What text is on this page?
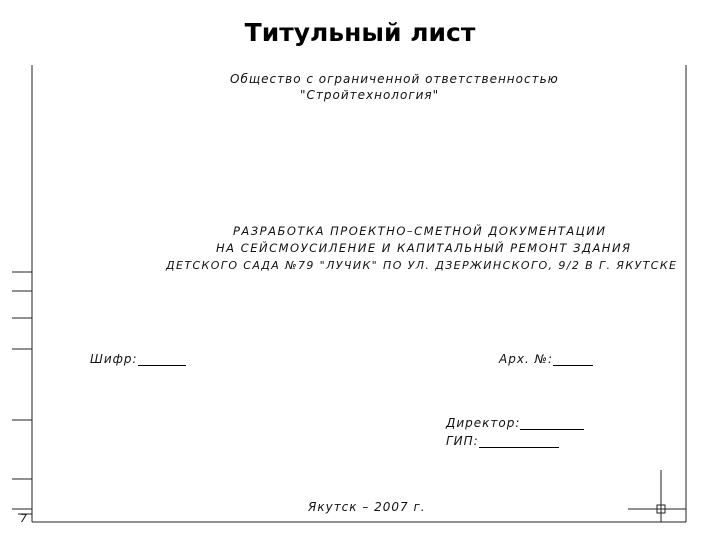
Титульный лист
Общество с ограниченной ответственностью
"Стройтехнология"
РАЗРАБОТКА ПРОЕКТНО–СМЕТНОЙ ДОКУМЕНТАЦИИ
НА СЕЙСМОУСИЛЕНИЕ И КАПИТАЛЬНЫЙ РЕМОНТ ЗДАНИЯ
ДЕТСКОГО САДА №79 "ЛУЧИК" ПО УЛ. ДЗЕРЖИНСКОГО, 9/2 В Г. ЯКУТСКЕ
Шифр:	Арх. №:
Директор:
ГИП:
Якутск – 2007 г.
7
